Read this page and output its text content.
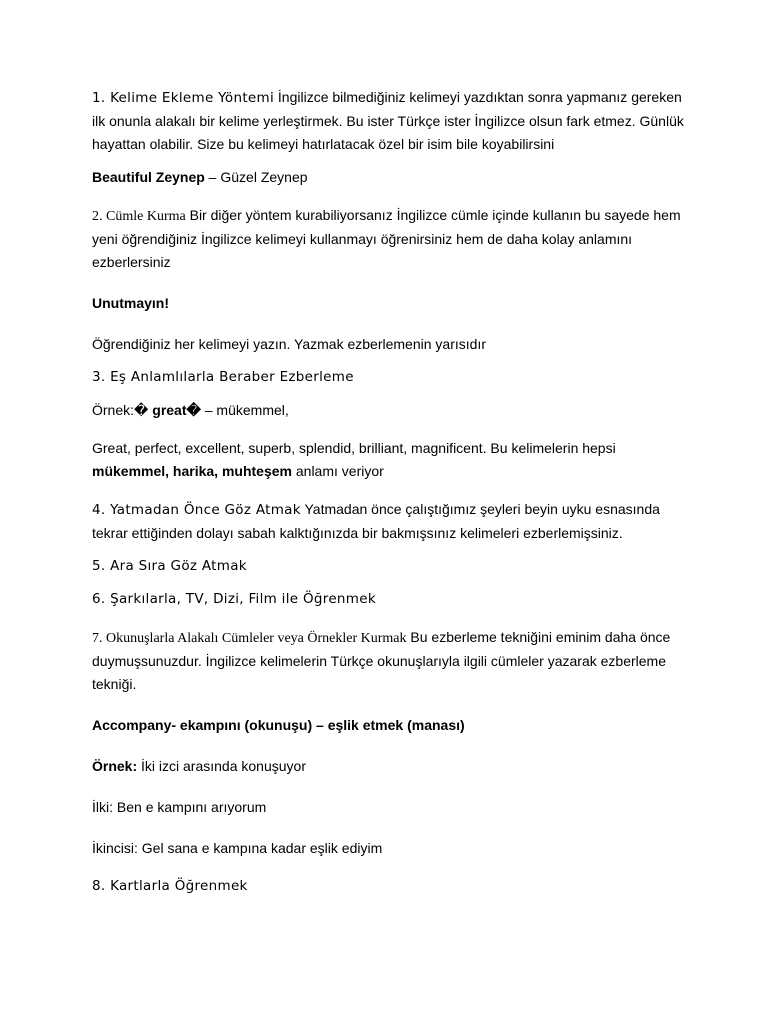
1. Kelime Ekleme Yöntemi İngilizce bilmediğiniz kelimeyi yazdıktan sonra yapmanız gereken ilk onunla alakalı bir kelime yerleştirmek. Bu ister Türkçe ister İngilizce olsun fark etmez. Günlük hayattan olabilir. Size bu kelimeyi hatırlatacak özel bir isim bile koyabilirsini

Beautiful Zeynep – Güzel Zeynep

2. Cümle Kurma Bir diğer yöntem kurabiliyorsanız İngilizce cümle içinde kullanın bu sayede hem yeni öğrendiğiniz İngilizce kelimeyi kullanmayı öğrenirsiniz hem de daha kolay anlamını ezberlersiniz

Unutmayın!

Öğrendiğiniz her kelimeyi yazın. Yazmak ezberlemenin yarısıdır

3. Eş Anlamlılarla Beraber Ezberleme

Örnek:� great� – mükemmel,

Great, perfect, excellent, superb, splendid, brilliant, magnificent. Bu kelimelerin hepsi mükemmel, harika, muhteşem anlamı veriyor

4. Yatmadan Önce Göz Atmak Yatmadan önce çalıştığımız şeyleri beyin uyku esnasında tekrar ettiğinden dolayı sabah kalktığınızda bir bakmışsınız kelimeleri ezberlemişsiniz.

5. Ara Sıra Göz Atmak

6. Şarkılarla, TV, Dizi, Film ile Öğrenmek

7. Okunuşlarla Alakalı Cümleler veya Örnekler Kurmak Bu ezberleme tekniğini eminim daha önce duymuşsunuzdur. İngilizce kelimelerin Türkçe okunuşlarıyla ilgili cümleler yazarak ezberleme tekniği.

Accompany- ekampını (okunuşu) – eşlik etmek (manası)

Örnek: İki izci arasında konuşuyor

İlki: Ben e kampını arıyorum

İkincisi: Gel sana e kampına kadar eşlik ediyim

8. Kartlarla Öğrenmek
